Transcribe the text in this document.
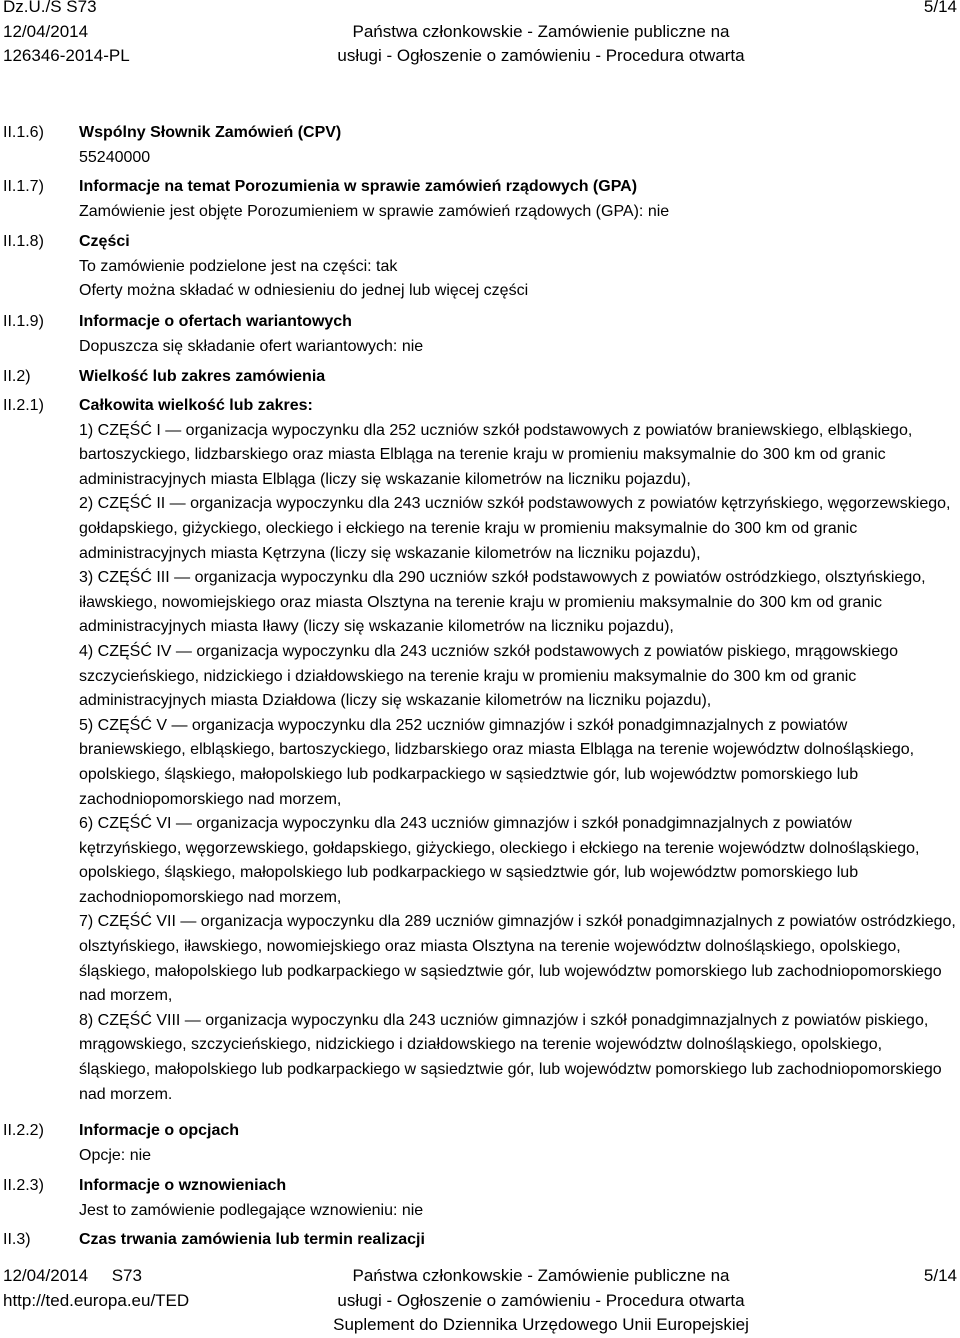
Dz.U./S S73
12/04/2014
126346-2014-PL
Państwa członkowskie - Zamówienie publiczne na
usługi - Ogłoszenie o zamówieniu - Procedura otwarta
5/14
II.1.6)
II.1.7)
II.1.8)
II.1.9)
II.2)
II.2.1)
II.2.2)
II.2.3)
II.3)
Wspólny Słownik Zamówień (CPV)
55240000
Informacje na temat Porozumienia w sprawie zamówień rządowych (GPA)
Zamówienie jest objęte Porozumieniem w sprawie zamówień rządowych (GPA): nie
Części
To zamówienie podzielone jest na części: tak
Oferty można składać w odniesieniu do jednej lub więcej części
Informacje o ofertach wariantowych
Dopuszcza się składanie ofert wariantowych: nie
Wielkość lub zakres zamówienia
Całkowita wielkość lub zakres:
1) CZĘŚĆ I — organizacja wypoczynku dla 252 uczniów szkół podstawowych z powiatów braniewskiego, elbląskiego, bartoszyckiego, lidzbarskiego oraz miasta Elbląga na terenie kraju w promieniu maksymalnie do 300 km od granic administracyjnych miasta Elbląga (liczy się wskazanie kilometrów na liczniku pojazdu),
2) CZĘŚĆ II — organizacja wypoczynku dla 243 uczniów szkół podstawowych z powiatów kętrzyńskiego, węgorzewskiego, gołdapskiego, giżyckiego, oleckiego i ełckiego na terenie kraju w promieniu maksymalnie do 300 km od granic administracyjnych miasta Kętrzyna (liczy się wskazanie kilometrów na liczniku pojazdu),
3) CZĘŚĆ III — organizacja wypoczynku dla 290 uczniów szkół podstawowych z powiatów ostródzkiego, olsztyńskiego, iławskiego, nowomiejskiego oraz miasta Olsztyna na terenie kraju w promieniu maksymalnie do 300 km od granic administracyjnych miasta Iławy (liczy się wskazanie kilometrów na liczniku pojazdu),
4) CZĘŚĆ IV — organizacja wypoczynku dla 243 uczniów szkół podstawowych z powiatów piskiego, mrągowskiego szczycieńskiego, nidzickiego i działdowskiego na terenie kraju w promieniu maksymalnie do 300 km od granic administracyjnych miasta Działdowa (liczy się wskazanie kilometrów na liczniku pojazdu),
5) CZĘŚĆ V — organizacja wypoczynku dla 252 uczniów gimnazjów i szkół ponadgimnazjalnych z powiatów braniewskiego, elbląskiego, bartoszyckiego, lidzbarskiego oraz miasta Elbląga na terenie województw dolnośląskiego, opolskiego, śląskiego, małopolskiego lub podkarpackiego w sąsiedztwie gór, lub województw pomorskiego lub zachodniopomorskiego nad morzem,
6) CZĘŚĆ VI — organizacja wypoczynku dla 243 uczniów gimnazjów i szkół ponadgimnazjalnych z powiatów kętrzyńskiego, węgorzewskiego, gołdapskiego, giżyckiego, oleckiego i ełckiego na terenie województw dolnośląskiego, opolskiego, śląskiego, małopolskiego lub podkarpackiego w sąsiedztwie gór, lub województw pomorskiego lub zachodniopomorskiego nad morzem,
7) CZĘŚĆ VII — organizacja wypoczynku dla 289 uczniów gimnazjów i szkół ponadgimnazjalnych z powiatów ostródzkiego, olsztyńskiego, iławskiego, nowomiejskiego oraz miasta Olsztyna na terenie województw dolnośląskiego, opolskiego, śląskiego, małopolskiego lub podkarpackiego w sąsiedztwie gór, lub województw pomorskiego lub zachodniopomorskiego nad morzem,
8) CZĘŚĆ VIII — organizacja wypoczynku dla 243 uczniów gimnazjów i szkół ponadgimnazjalnych z powiatów piskiego, mrągowskiego, szczycieńskiego, nidzickiego i działdowskiego na terenie województw dolnośląskiego, opolskiego, śląskiego, małopolskiego lub podkarpackiego w sąsiedztwie gór, lub województw pomorskiego lub zachodniopomorskiego nad morzem.
Informacje o opcjach
Opcje: nie
Informacje o wznowieniach
Jest to zamówienie podlegające wznowieniu: nie
Czas trwania zamówienia lub termin realizacji
12/04/2014     S73
http://ted.europa.eu/TED
Państwa członkowskie - Zamówienie publiczne na
usługi - Ogłoszenie o zamówieniu - Procedura otwarta
Suplement do Dziennika Urzędowego Unii Europejskiej
5/14
